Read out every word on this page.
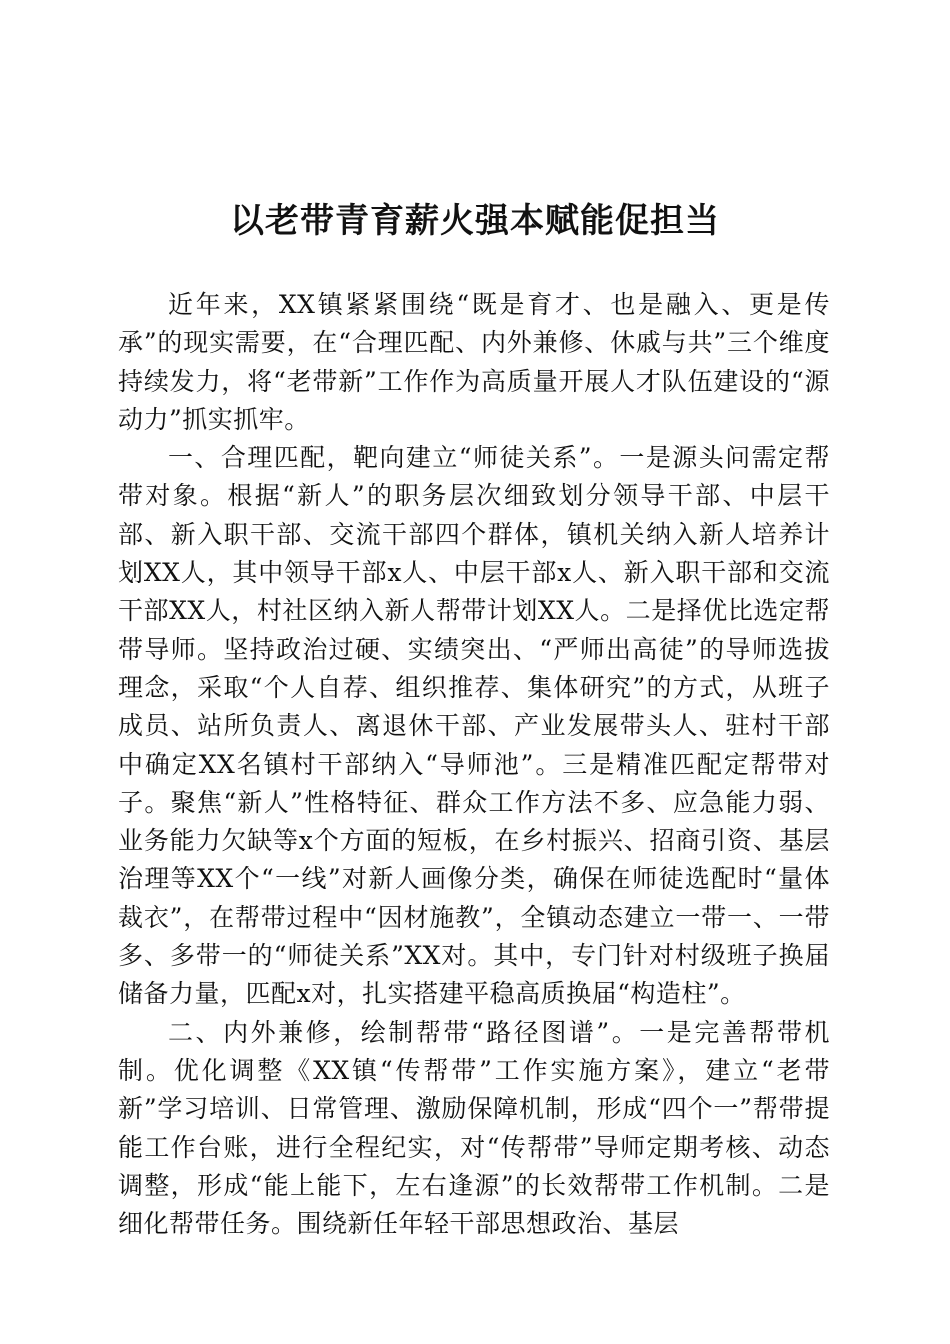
以老带青育薪火强本赋能促担当

近年来，XX镇紧紧围绕“既是育才、也是融入、更是传承”的现实需要，在“合理匹配、内外兼修、休戚与共”三个维度持续发力，将“老带新”工作作为高质量开展人才队伍建设的“源动力”抓实抓牢。

一、合理匹配，靶向建立“师徒关系”。一是源头问需定帮带对象。根据“新人”的职务层次细致划分领导干部、中层干部、新入职干部、交流干部四个群体，镇机关纳入新人培养计划XX人，其中领导干部x人、中层干部x人、新入职干部和交流干部XX人，村社区纳入新人帮带计划XX人。二是择优比选定帮带导师。坚持政治过硬、实绩突出、“严师出高徒”的导师选拔理念，采取“个人自荐、组织推荐、集体研究”的方式，从班子成员、站所负责人、离退休干部、产业发展带头人、驻村干部中确定XX名镇村干部纳入“导师池”。三是精准匹配定帮带对子。聚焦“新人”性格特征、群众工作方法不多、应急能力弱、业务能力欠缺等x个方面的短板，在乡村振兴、招商引资、基层治理等XX个“一线”对新人画像分类，确保在师徒选配时“量体裁衣”，在帮带过程中“因材施教”，全镇动态建立一带一、一带多、多带一的“师徒关系”XX对。其中，专门针对村级班子换届储备力量，匹配x对，扎实搭建平稳高质换届“构造柱”。

二、内外兼修，绘制帮带“路径图谱”。一是完善帮带机制。优化调整《XX镇“传帮带”工作实施方案》，建立“老带新”学习培训、日常管理、激励保障机制，形成“四个一”帮带提能工作台账，进行全程纪实，对“传帮带”导师定期考核、动态调整，形成“能上能下，左右逢源”的长效帮带工作机制。二是细化帮带任务。围绕新任年轻干部思想政治、基层
